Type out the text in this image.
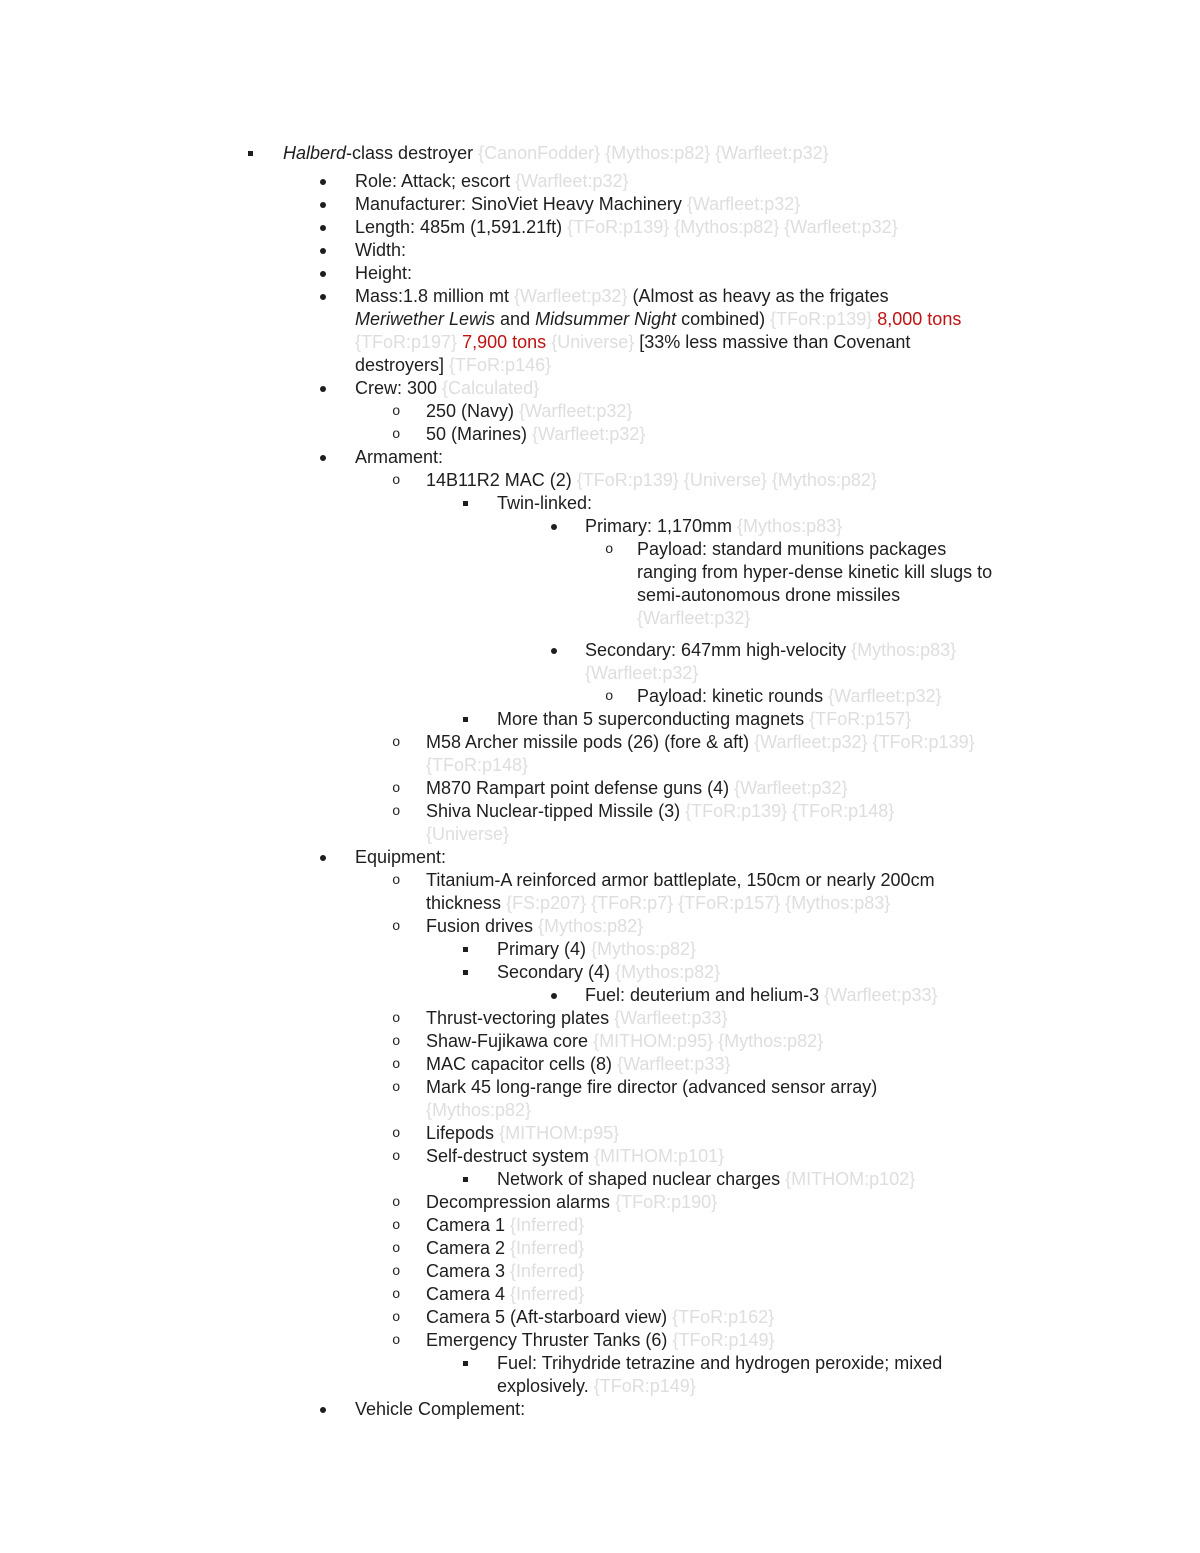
Halberd-class destroyer {CanonFodder} {Mythos:p82} {Warfleet:p32}
Role: Attack; escort {Warfleet:p32}
Manufacturer: SinoViet Heavy Machinery {Warfleet:p32}
Length: 485m (1,591.21ft) {TFoR:p139} {Mythos:p82} {Warfleet:p32}
Width:
Height:
Mass:1.8 million mt {Warfleet:p32} (Almost as heavy as the frigates
Meriwether Lewis and Midsummer Night combined) {TFoR:p139} 8,000 tons
{TFoR:p197} 7,900 tons {Universe} [33% less massive than Covenant
destroyers] {TFoR:p146}
Crew: 300 {Calculated}
o 250 (Navy) {Warfleet:p32}
o 50 (Marines) {Warfleet:p32}
Armament:
o 14B11R2 MAC (2) {TFoR:p139} {Universe} {Mythos:p82}
Twin-linked:
Primary: 1,170mm {Mythos:p83}
o Payload: standard munitions packages
ranging from hyper-dense kinetic kill slugs to
semi-autonomous drone missiles
{Warfleet:p32}
Secondary: 647mm high-velocity {Mythos:p83}
{Warfleet:p32}
o Payload: kinetic rounds {Warfleet:p32}
More than 5 superconducting magnets {TFoR:p157}
o M58 Archer missile pods (26) (fore & aft) {Warfleet:p32} {TFoR:p139}
{TFoR:p148}
o M870 Rampart point defense guns (4) {Warfleet:p32}
o Shiva Nuclear-tipped Missile (3) {TFoR:p139} {TFoR:p148}
{Universe}
Equipment:
o Titanium-A reinforced armor battleplate, 150cm or nearly 200cm
thickness {FS:p207} {TFoR:p7} {TFoR:p157} {Mythos:p83}
o Fusion drives {Mythos:p82}
Primary (4) {Mythos:p82}
Secondary (4) {Mythos:p82}
Fuel: deuterium and helium-3 {Warfleet:p33}
o Thrust-vectoring plates {Warfleet:p33}
o Shaw-Fujikawa core {MITHOM:p95} {Mythos:p82}
o MAC capacitor cells (8) {Warfleet:p33}
o Mark 45 long-range fire director (advanced sensor array)
{Mythos:p82}
o Lifepods {MITHOM:p95}
o Self-destruct system {MITHOM:p101}
Network of shaped nuclear charges {MITHOM:p102}
o Decompression alarms {TFoR:p190}
o Camera 1 {Inferred}
o Camera 2 {Inferred}
o Camera 3 {Inferred}
o Camera 4 {Inferred}
o Camera 5 (Aft-starboard view) {TFoR:p162}
o Emergency Thruster Tanks (6) {TFoR:p149}
Fuel: Trihydride tetrazine and hydrogen peroxide; mixed
explosively. {TFoR:p149}
Vehicle Complement:
